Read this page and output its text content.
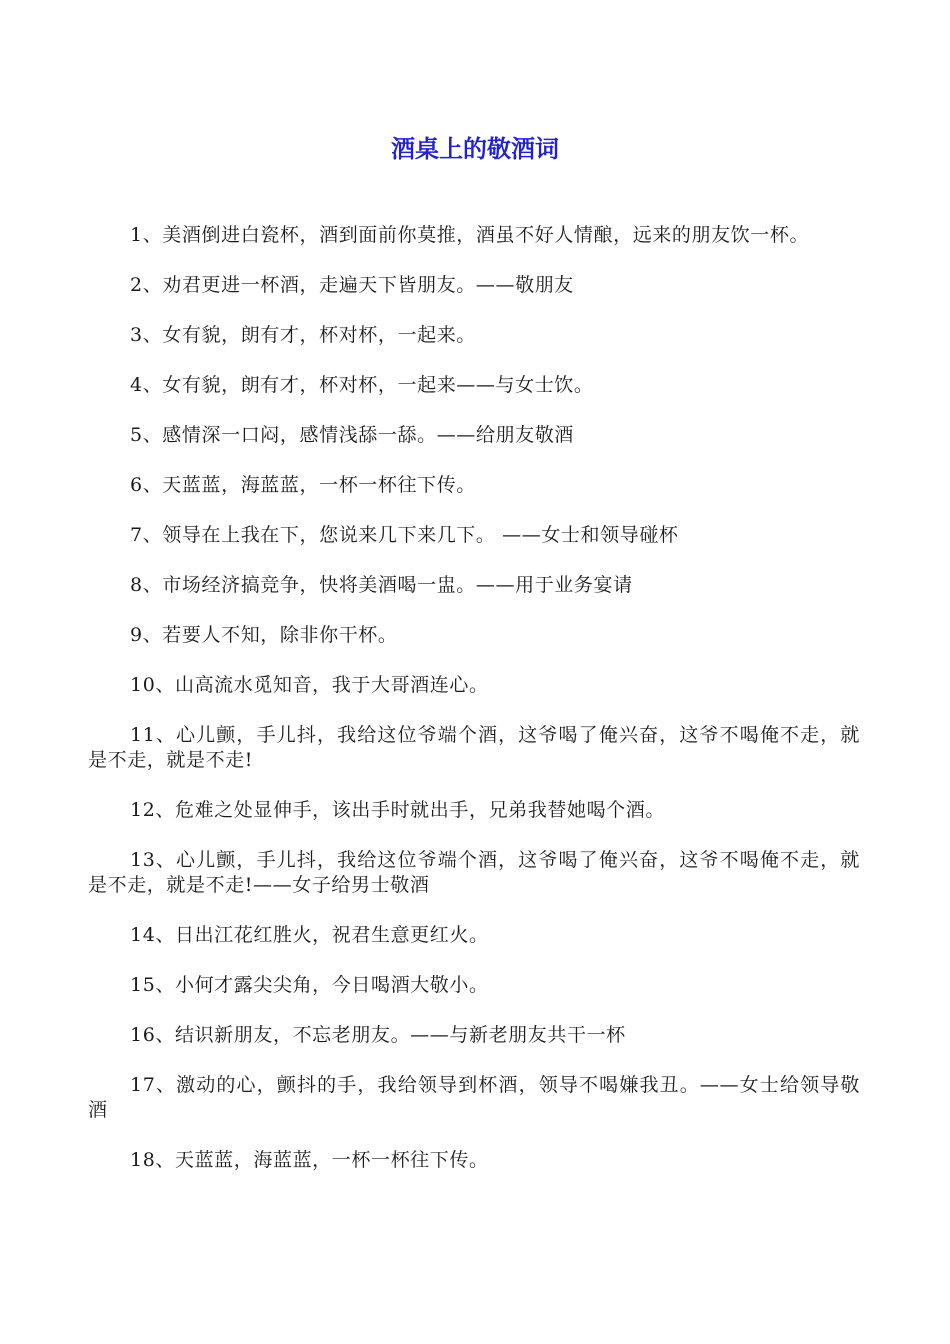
酒桌上的敬酒词

1、美酒倒进白瓷杯，酒到面前你莫推，酒虽不好人情酿，远来的朋友饮一杯。

2、劝君更进一杯酒，走遍天下皆朋友。——敬朋友

3、女有貌，朗有才，杯对杯，一起来。

4、女有貌，朗有才，杯对杯，一起来——与女士饮。

5、感情深一口闷，感情浅舔一舔。——给朋友敬酒

6、天蓝蓝，海蓝蓝，一杯一杯往下传。

7、领导在上我在下，您说来几下来几下。 ——女士和领导碰杯

8、市场经济搞竞争，快将美酒喝一盅。——用于业务宴请

9、若要人不知，除非你干杯。

10、山高流水觅知音，我于大哥酒连心。

11、心儿颤，手儿抖，我给这位爷端个酒，这爷喝了俺兴奋，这爷不喝俺不走，就是不走，就是不走!

12、危难之处显伸手，该出手时就出手，兄弟我替她喝个酒。

13、心儿颤，手儿抖，我给这位爷端个酒，这爷喝了俺兴奋，这爷不喝俺不走，就是不走，就是不走!——女子给男士敬酒

14、日出江花红胜火，祝君生意更红火。

15、小何才露尖尖角，今日喝酒大敬小。

16、结识新朋友，不忘老朋友。——与新老朋友共干一杯

17、激动的心，颤抖的手，我给领导到杯酒，领导不喝嫌我丑。——女士给领导敬酒

18、天蓝蓝，海蓝蓝，一杯一杯往下传。
